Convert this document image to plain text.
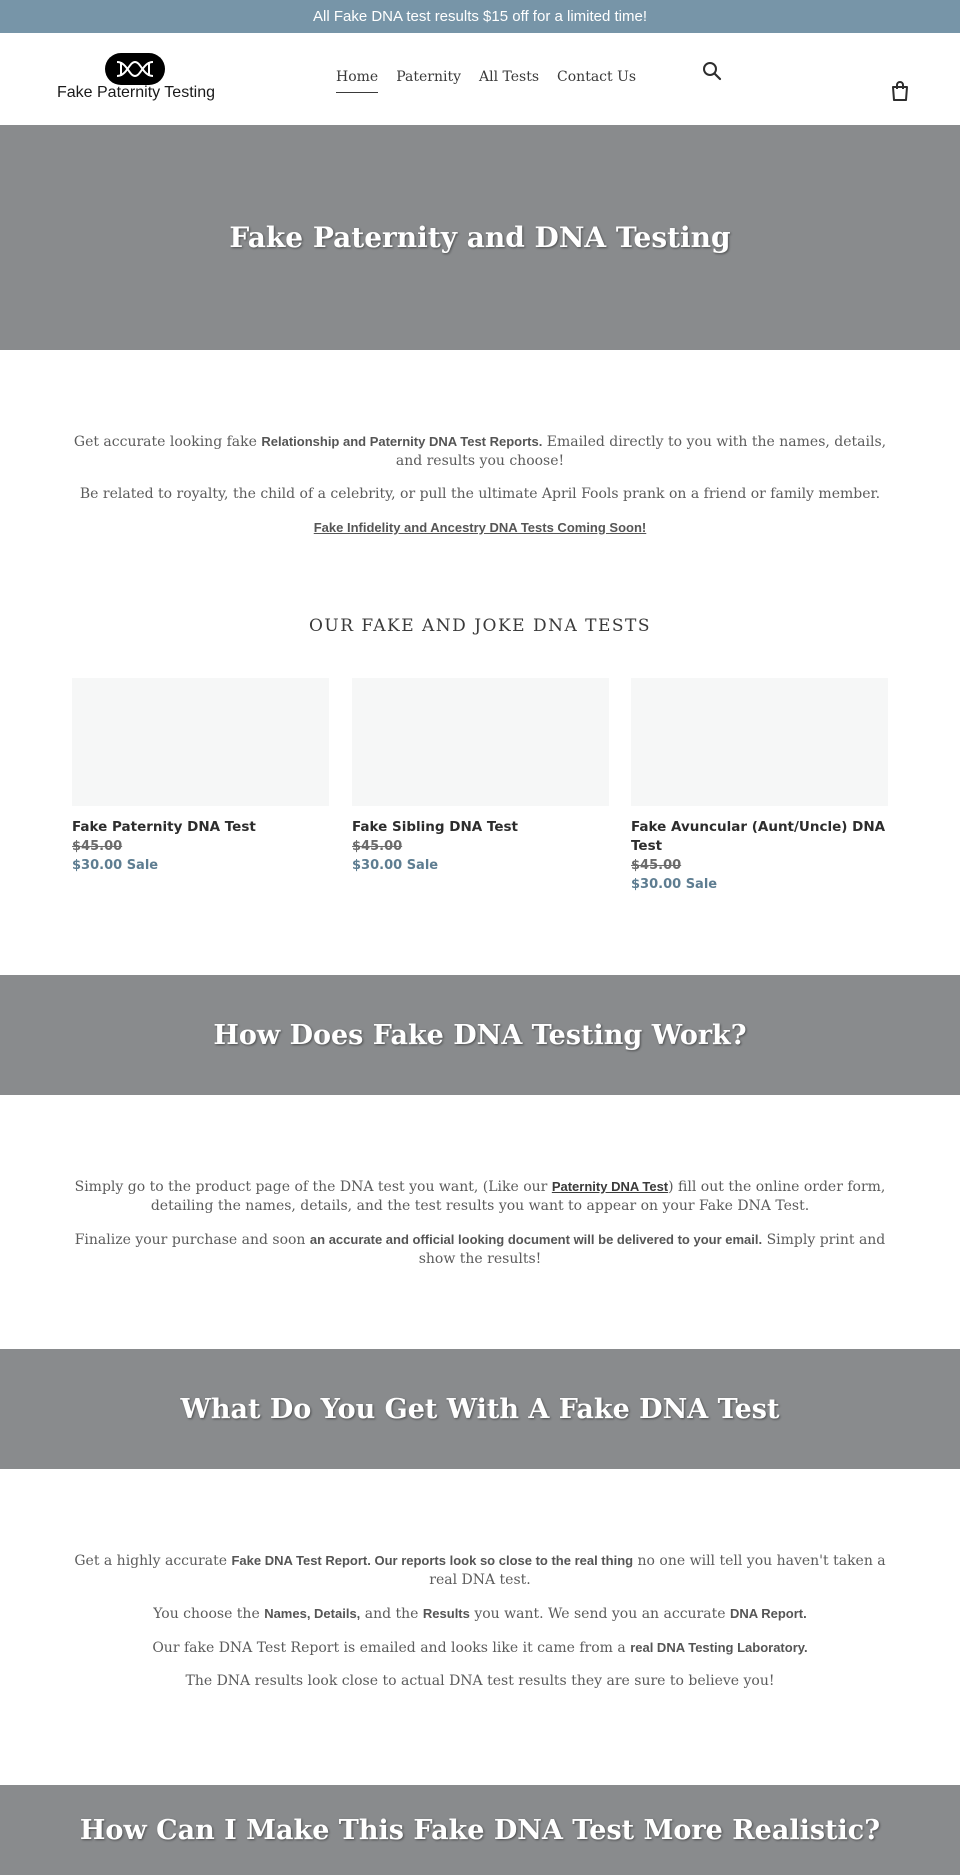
All Fake DNA test results $15 off for a limited time!
Fake Paternity Testing
Home Paternity All Tests Contact Us
Fake Paternity and DNA Testing

Get accurate looking fake Relationship and Paternity DNA Test Reports. Emailed directly to you with the names, details, and results you choose!

Be related to royalty, the child of a celebrity, or pull the ultimate April Fools prank on a friend or family member.

Fake Infidelity and Ancestry DNA Tests Coming Soon!

OUR FAKE AND JOKE DNA TESTS
Fake Paternity DNA Test
$45.00
$30.00 Sale
Fake Sibling DNA Test
$45.00
$30.00 Sale
Fake Avuncular (Aunt/Uncle) DNA Test
$45.00
$30.00 Sale
How Does Fake DNA Testing Work?

Simply go to the product page of the DNA test you want, (Like our Paternity DNA Test) fill out the online order form, detailing the names, details, and the test results you want to appear on your Fake DNA Test.

Finalize your purchase and soon an accurate and official looking document will be delivered to your email. Simply print and show the results!

What Do You Get With A Fake DNA Test

Get a highly accurate Fake DNA Test Report. Our reports look so close to the real thing no one will tell you haven't taken a real DNA test.

You choose the Names, Details, and the Results you want. We send you an accurate DNA Report.

Our fake DNA Test Report is emailed and looks like it came from a real DNA Testing Laboratory.

The DNA results look close to actual DNA test results they are sure to believe you!

How Can I Make This Fake DNA Test More Realistic?
